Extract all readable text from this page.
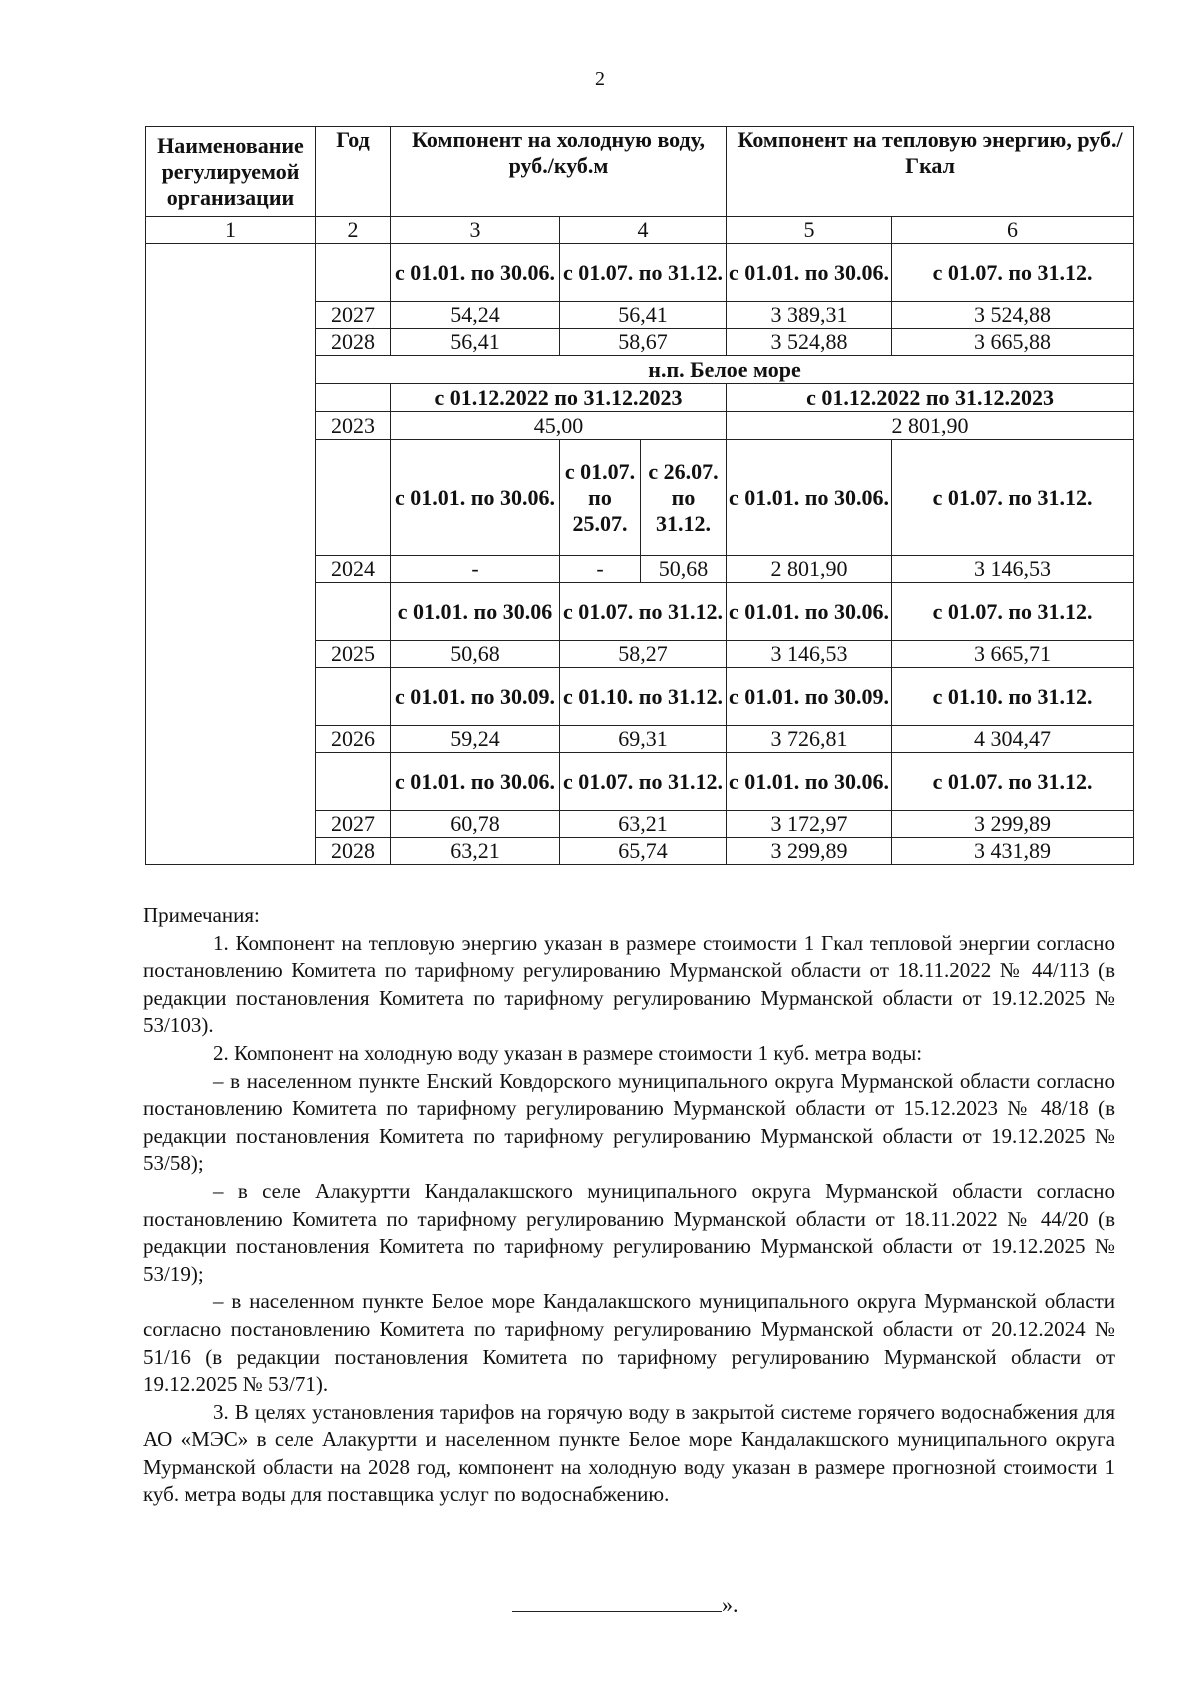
2
Наименование регулируемой организации	Год	Компонент на холодную воду, руб./куб.м			Компонент на тепловую энергию, руб./Гкал	
1	2	3	4		5	6
		с 01.01. по 30.06.	с 01.07. по 31.12.		с 01.01. по 30.06.	с 01.07. по 31.12.
	2027	54,24	56,41		3 389,31	3 524,88
	2028	56,41	58,67		3 524,88	3 665,88
	н.п. Белое море					
		с 01.12.2022 по 31.12.2023			с 01.12.2022 по 31.12.2023	
	2023	45,00			2 801,90	
		с 01.01. по 30.06.	с 01.07. по 25.07.	с 26.07. по 31.12.	с 01.01. по 30.06.	с 01.07. по 31.12.
	2024	-	-	50,68	2 801,90	3 146,53
		с 01.01. по 30.06	с 01.07. по 31.12.		с 01.01. по 30.06.	с 01.07. по 31.12.
	2025	50,68	58,27		3 146,53	3 665,71
		с 01.01. по 30.09.	с 01.10. по 31.12.		с 01.01. по 30.09.	с 01.10. по 31.12.
	2026	59,24	69,31		3 726,81	4 304,47
		с 01.01. по 30.06.	с 01.07. по 31.12.		с 01.01. по 30.06.	с 01.07. по 31.12.
	2027	60,78	63,21		3 172,97	3 299,89
	2028	63,21	65,74		3 299,89	3 431,89

Примечания:

1. Компонент на тепловую энергию указан в размере стоимости 1 Гкал тепловой энергии согласно постановлению Комитета по тарифному регулированию Мурманской области от 18.11.2022 № 44/113 (в редакции постановления Комитета по тарифному регулированию Мурманской области от 19.12.2025 № 53/103).

2. Компонент на холодную воду указан в размере стоимости 1 куб. метра воды:

– в населенном пункте Енский Ковдорского муниципального округа Мурманской области согласно постановлению Комитета по тарифному регулированию Мурманской области от 15.12.2023 № 48/18 (в редакции постановления Комитета по тарифному регулированию Мурманской области от 19.12.2025 № 53/58);

– в селе Алакуртти Кандалакшского муниципального округа Мурманской области согласно постановлению Комитета по тарифному регулированию Мурманской области от 18.11.2022 № 44/20 (в редакции постановления Комитета по тарифному регулированию Мурманской области от 19.12.2025 № 53/19);

– в населенном пункте Белое море Кандалакшского муниципального округа Мурманской области согласно постановлению Комитета по тарифному регулированию Мурманской области от 20.12.2024 № 51/16 (в редакции постановления Комитета по тарифному регулированию Мурманской области от 19.12.2025 № 53/71).

3. В целях установления тарифов на горячую воду в закрытой системе горячего водоснабжения для АО «МЭС» в селе Алакуртти и населенном пункте Белое море Кандалакшского муниципального округа Мурманской области на 2028 год, компонент на холодную воду указан в размере прогнозной стоимости 1 куб. метра воды для поставщика услуг по водоснабжению.

».
